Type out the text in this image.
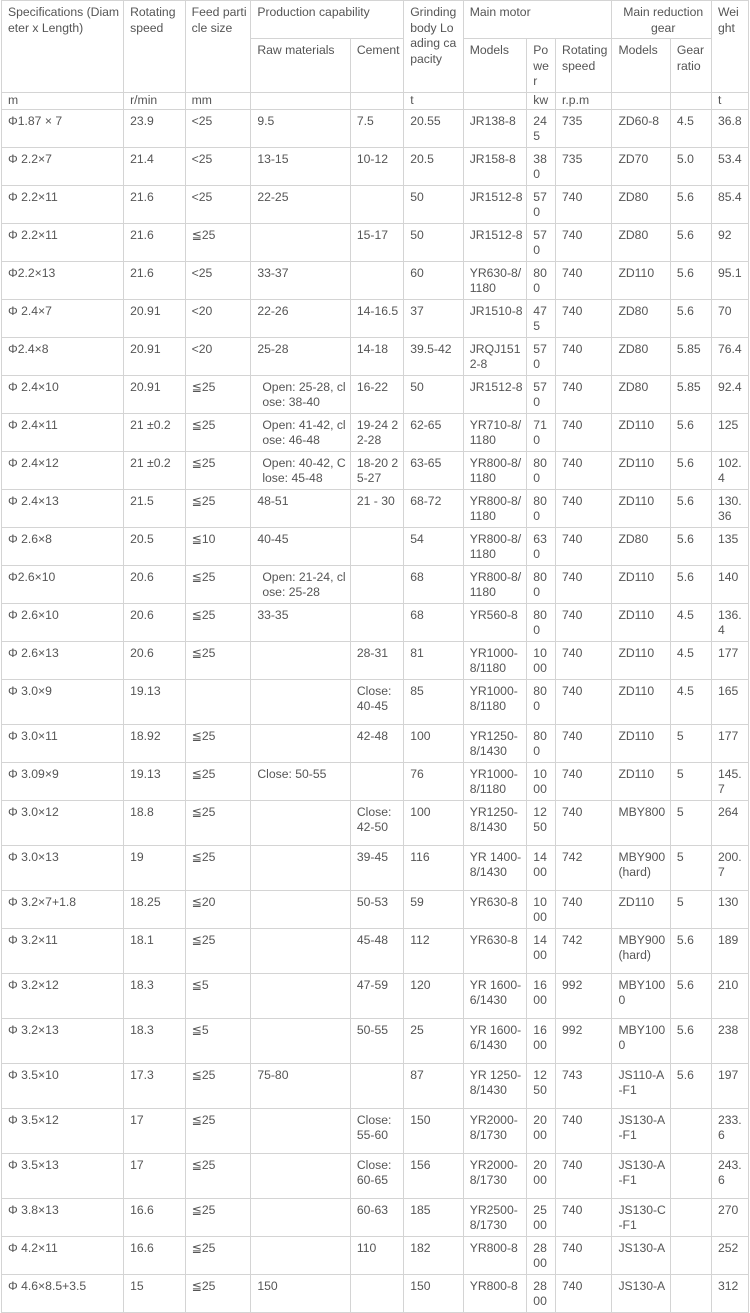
Specifications (Diameter x Length)	Rotating speed	Feed particle size	Production capability		Grinding body Loading capacity	Main motor			Main reduction gear		Weight
			Raw materials	Cement		Models	Power	Rotating speed	Models	Gear ratio	
m	r/min	mm			t		kw	r.p.m			t
Φ1.87 × 7	23.9	<25	9.5	7.5	20.55	JR138-8	245	735	ZD60-8	4.5	36.8
Φ 2.2×7	21.4	<25	13-15	10-12	20.5	JR158-8	380	735	ZD70	5.0	53.4
Φ 2.2×11	21.6	<25	22-25		50	JR1512-8	570	740	ZD80	5.6	85.4
Φ 2.2×11	21.6	≦25		15-17	50	JR1512-8	570	740	ZD80	5.6	92
Φ2.2×13	21.6	<25	33-37		60	YR630-8/1180	800	740	ZD110	5.6	95.1
Φ 2.4×7	20.91	<20	22-26	14-16.5	37	JR1510-8	475	740	ZD80	5.6	70
Φ2.4×8	20.91	<20	25-28	14-18	39.5-42	JRQJ1512-8	570	740	ZD80	5.85	76.4
Φ 2.4×10	20.91	≦25	Open: 25-28, close: 38-40	16-22	50	JR1512-8	570	740	ZD80	5.85	92.4
Φ 2.4×11	21 ±0.2	≦25	Open: 41-42, close: 46-48	19-24 22-28	62-65	YR710-8/1180	710	740	ZD110	5.6	125
Φ 2.4×12	21 ±0.2	≦25	Open: 40-42, Close: 45-48	18-20 25-27	63-65	YR800-8/1180	800	740	ZD110	5.6	102.4
Φ 2.4×13	21.5	≦25	48-51	21 - 30	68-72	YR800-8/1180	800	740	ZD110	5.6	130.36
Φ 2.6×8	20.5	≦10	40-45		54	YR800-8/1180	630	740	ZD80	5.6	135
Φ2.6×10	20.6	≦25	Open: 21-24, close: 25-28		68	YR800-8/1180	800	740	ZD110	5.6	140
Φ 2.6×10	20.6	≦25	33-35		68	YR560-8	800	740	ZD110	4.5	136.4
Φ 2.6×13	20.6	≦25		28-31	81	YR1000-8/1180	1000	740	ZD110	4.5	177
Φ 3.0×9	19.13			Close: 40-45	85	YR1000-8/1180	800	740	ZD110	4.5	165
Φ 3.0×11	18.92	≦25		42-48	100	YR1250-8/1430	800	740	ZD110	5	177
Φ 3.09×9	19.13	≦25	Close: 50-55		76	YR1000-8/1180	1000	740	ZD110	5	145.7
Φ 3.0×12	18.8	≦25		Close: 42-50	100	YR1250-8/1430	1250	740	MBY800	5	264
Φ 3.0×13	19	≦25		39-45	116	YR 1400-8/1430	1400	742	MBY900(hard)	5	200.7
Φ 3.2×7+1.8	18.25	≦20		50-53	59	YR630-8	1000	740	ZD110	5	130
Φ 3.2×11	18.1	≦25		45-48	112	YR630-8	1400	742	MBY900(hard)	5.6	189
Φ 3.2×12	18.3	≦5		47-59	120	YR 1600-6/1430	1600	992	MBY1000	5.6	210
Φ 3.2×13	18.3	≦5		50-55	25	YR 1600-6/1430	1600	992	MBY1000	5.6	238
Φ 3.5×10	17.3	≦25	75-80		87	YR 1250-8/1430	1250	743	JS110-A-F1	5.6	197
Φ 3.5×12	17	≦25		Close: 55-60	150	YR2000-8/1730	2000	740	JS130-A-F1		233.6
Φ 3.5×13	17	≦25		Close: 60-65	156	YR2000-8/1730	2000	740	JS130-A-F1		243.6
Φ 3.8×13	16.6	≦25		60-63	185	YR2500-8/1730	2500	740	JS130-C-F1		270
Φ 4.2×11	16.6	≦25		110	182	YR800-8	2800	740	JS130-A		252
Φ 4.6×8.5+3.5	15	≦25	150		150	YR800-8	2800	740	JS130-A		312
